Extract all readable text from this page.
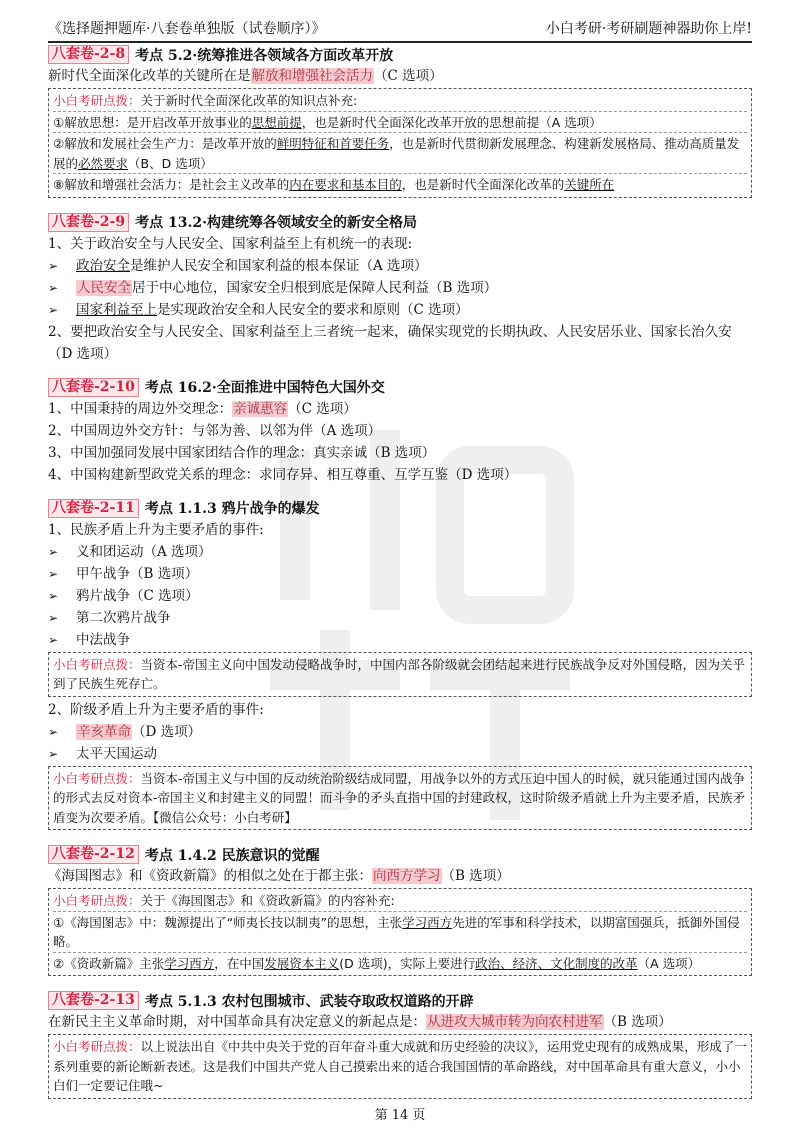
《选择题押题库·八套卷单独版（试卷顺序）》	小白考研·考研刷题神器助你上岸!
八套卷-2-8 考点 5.2·统筹推进各领域各方面改革开放
新时代全面深化改革的关键所在是解放和增强社会活力（C 选项）
小白考研点拨：关于新时代全面深化改革的知识点补充:
①解放思想：是开启改革开放事业的思想前提，也是新时代全面深化改革开放的思想前提（A 选项）
②解放和发展社会生产力：是改革开放的鲜明特征和首要任务，也是新时代贯彻新发展理念、构建新发展格局、推动高质量发展的必然要求（B、D 选项）
⑧解放和增强社会活力：是社会主义改革的内在要求和基本目的，也是新时代全面深化改革的关键所在
八套卷-2-9 考点 13.2·构建统筹各领域安全的新安全格局
1、关于政治安全与人民安全、国家利益至上有机统一的表现:
➢ 政治安全是维护人民安全和国家利益的根本保证（A 选项）
➢ 人民安全居于中心地位，国家安全归根到底是保障人民利益（B 选项）
➢ 国家利益至上是实现政治安全和人民安全的要求和原则（C 选项）
2、要把政治安全与人民安全、国家利益至上三者统一起来，确保实现党的长期执政、人民安居乐业、国家长治久安（D 选项）
八套卷-2-10 考点 16.2·全面推进中国特色大国外交
1、中国秉持的周边外交理念：亲诚惠容（C 选项）
2、中国周边外交方针：与邻为善、以邻为伴（A 选项）
3、中国加强同发展中国家团结合作的理念：真实亲诚（B 选项）
4、中国构建新型政党关系的理念：求同存异、相互尊重、互学互鉴（D 选项）
八套卷-2-11 考点 1.1.3 鸦片战争的爆发
1、民族矛盾上升为主要矛盾的事件:
➢ 义和团运动（A 选项）
➢ 甲午战争（B 选项）
➢ 鸦片战争（C 选项）
➢ 第二次鸦片战争
➢ 中法战争
小白考研点拨：当资本-帝国主义向中国发动侵略战争时，中国内部各阶级就会团结起来进行民族战争反对外国侵略，因为关乎到了民族生死存亡。
2、阶级矛盾上升为主要矛盾的事件:
➢ 辛亥革命（D 选项）
➢ 太平天国运动
小白考研点拨：当资本-帝国主义与中国的反动统治阶级结成同盟，用战争以外的方式压迫中国人的时候，就只能通过国内战争的形式去反对资本-帝国主义和封建主义的同盟！而斗争的矛头直指中国的封建政权，这时阶级矛盾就上升为主要矛盾，民族矛盾变为次要矛盾。【微信公众号：小白考研】
八套卷-2-12 考点 1.4.2 民族意识的觉醒
《海国图志》和《资政新篇》的相似之处在于都主张：向西方学习（B 选项）
小白考研点拨：关于《海国图志》和《资政新篇》的内容补充:
①《海国图志》中：魏源提出了“师夷长技以制夷”的思想，主张学习西方先进的军事和科学技术，以期富国强兵，抵御外国侵略。
②《资政新篇》主张学习西方，在中国发展资本主义(D 选项)，实际上要进行政治、经济、文化制度的改革（A 选项）
八套卷-2-13 考点 5.1.3 农村包围城市、武装夺取政权道路的开辟
在新民主主义革命时期，对中国革命具有决定意义的新起点是：从进攻大城市转为向农村进军（B 选项）
小白考研点拨：以上说法出自《中共中央关于党的百年奋斗重大成就和历史经验的决议》，运用党史现有的成熟成果，形成了一系列重要的新论断新表述。这是我们中国共产党人自己摸索出来的适合我国国情的革命路线，对中国革命具有重大意义，小小白们一定要记住哦~
第 14 页
